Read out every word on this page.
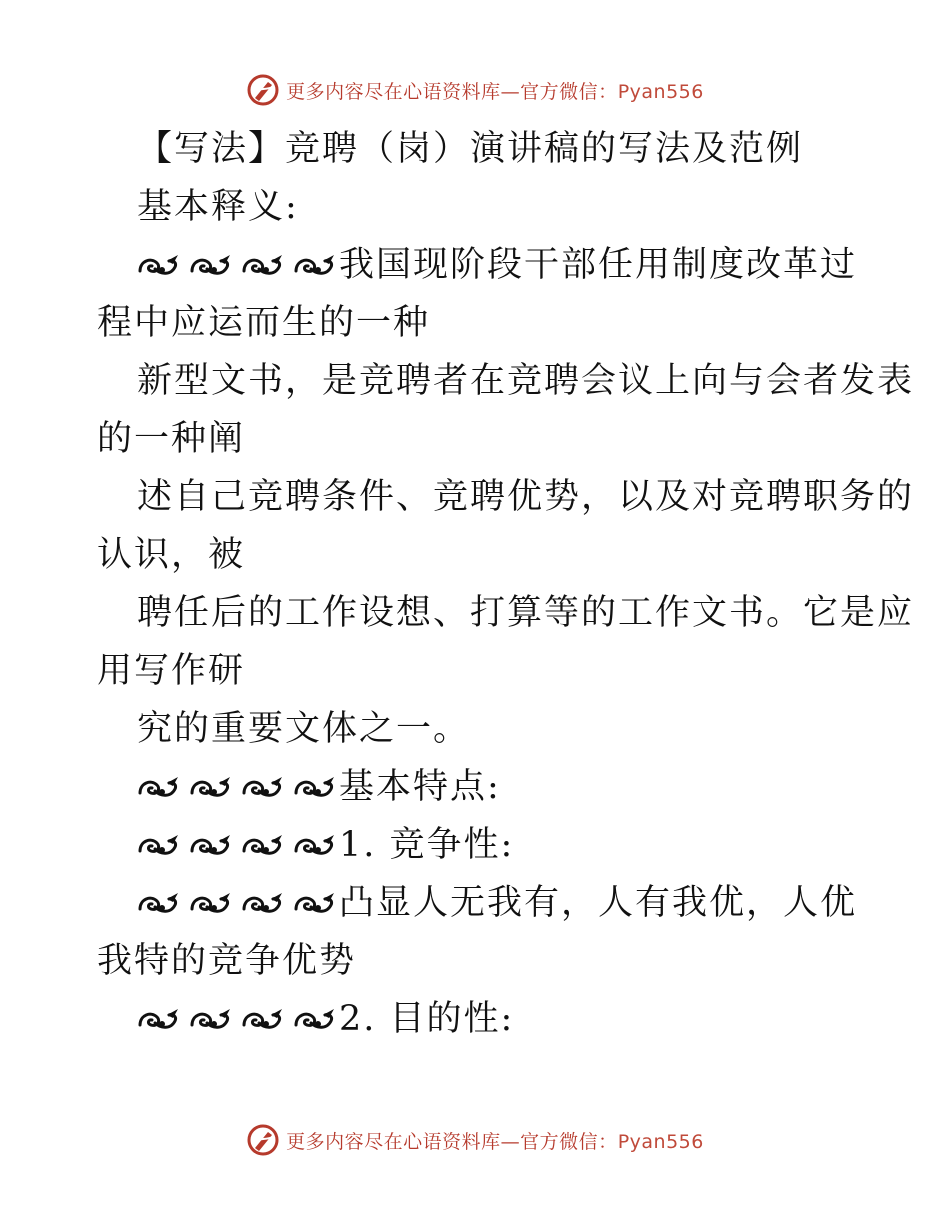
更多内容尽在心语资料库—官方微信：Pyan556
【写法】竞聘（岗）演讲稿的写法及范例
基本释义:
我国现阶段干部任用制度改革过
程中应运而生的一种
新型文书，是竞聘者在竞聘会议上向与会者发表
的一种阐
述自己竞聘条件、竞聘优势，以及对竞聘职务的
认识，被
聘任后的工作设想、打算等的工作文书。它是应
用写作研
究的重要文体之一。
基本特点:
1. 竞争性:
凸显人无我有，人有我优，人优
我特的竞争优势
2. 目的性:
更多内容尽在心语资料库—官方微信：Pyan556
